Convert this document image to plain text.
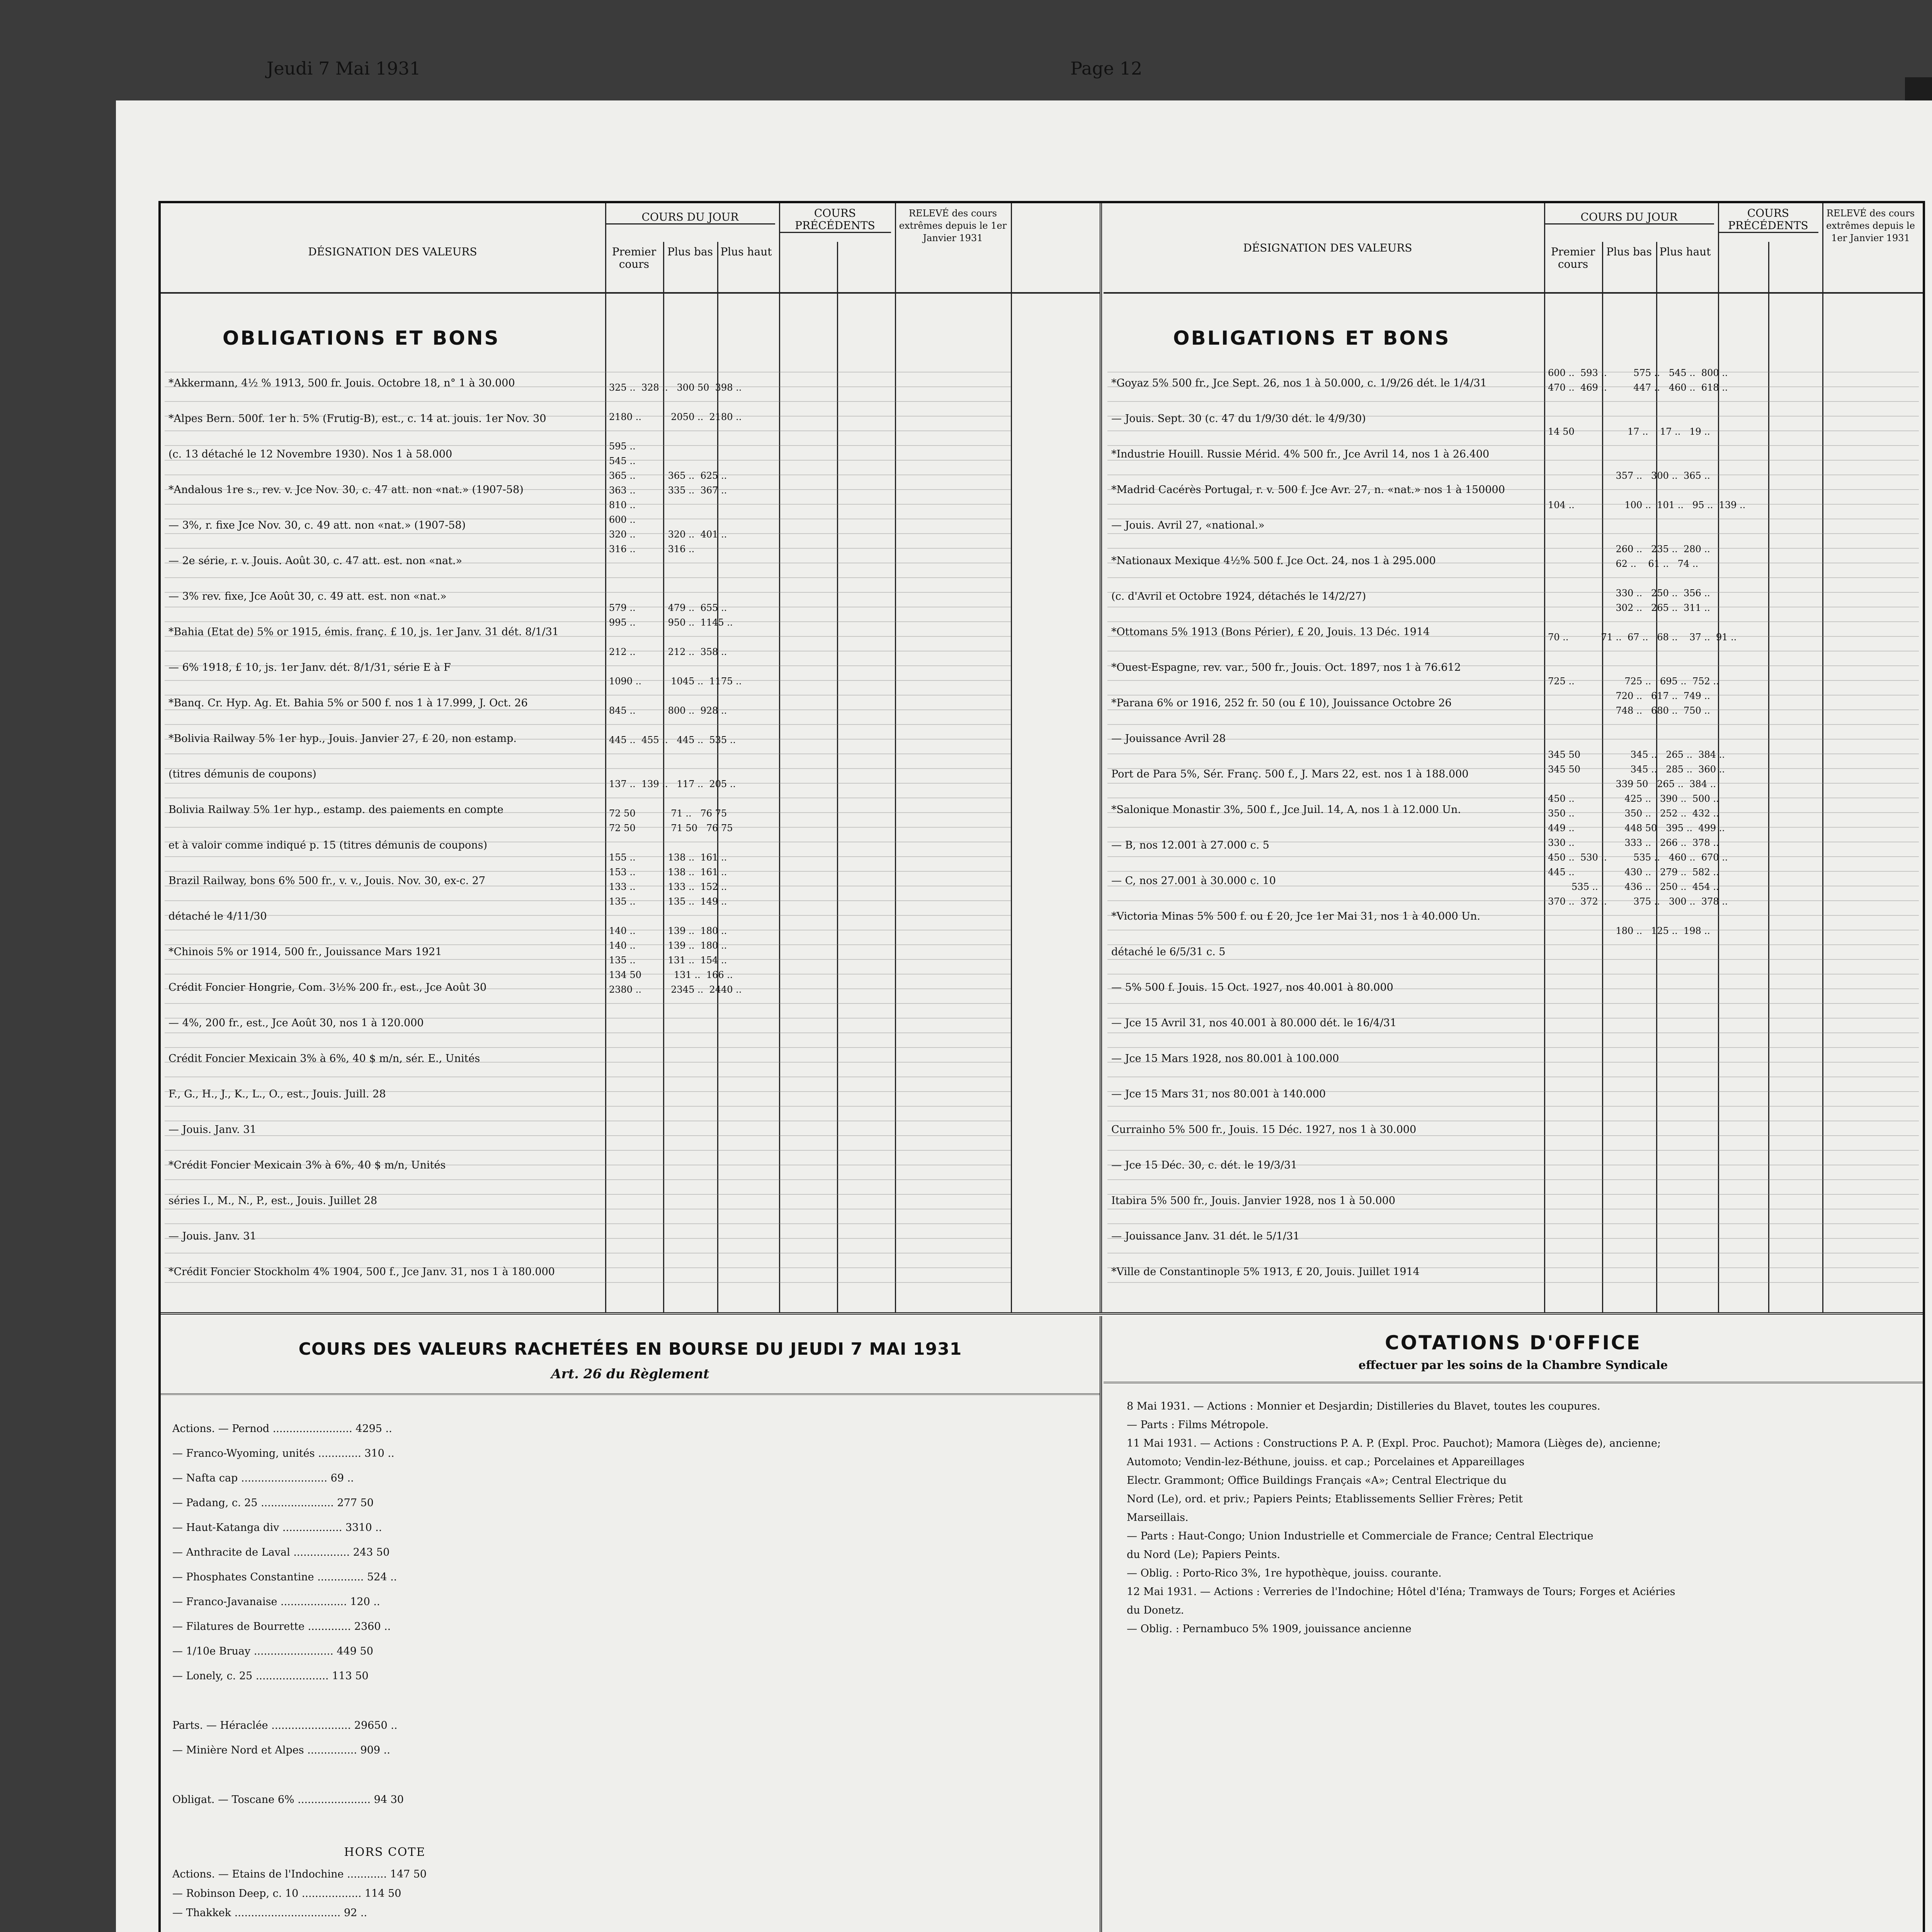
Jeudi 7 Mai 1931	Page 12
DÉSIGNATION DES VALEURS
COURS DU JOUR
Premier cours
Plus bas Plus haut
COURS PRÉCÉDENTS
RELEVÉ des cours extrêmes depuis le 1er Janvier 1931
OBLIGATIONS ET BONS
*Akkermann, 4½ % 1913, 500 fr. Jouis. Octobre 18, n° 1 à 30.000
*Alpes Bern. 500f. 1er h. 5% (Frutig-B), est., c. 14 at. jouis. 1er Nov. 30
(c. 13 détaché le 12 Novembre 1930). Nos 1 à 58.000
*Andalous 1re s., rev. v. Jce Nov. 30, c. 47 att. non «nat.» (1907-58)
— 3%, r. fixe Jce Nov. 30, c. 49 att. non «nat.» (1907-58)
— 2e série, r. v. Jouis. Août 30, c. 47 att. est. non «nat.»
— 3% rev. fixe, Jce Août 30, c. 49 att. est. non «nat.»
*Bahia (Etat de) 5% or 1915, émis. franç. £ 10, js. 1er Janv. 31 dét. 8/1/31
— 6% 1918, £ 10, js. 1er Janv. dét. 8/1/31, série E à F
*Banq. Cr. Hyp. Ag. Et. Bahia 5% or 500 f. nos 1 à 17.999, J. Oct. 26
*Bolivia Railway 5% 1er hyp., Jouis. Janvier 27, £ 20, non estamp.
(titres démunis de coupons)
Bolivia Railway 5% 1er hyp., estamp. des paiements en compte
et à valoir comme indiqué p. 15 (titres démunis de coupons)
Brazil Railway, bons 6% 500 fr., v. v., Jouis. Nov. 30, ex-c. 27
détaché le 4/11/30
*Chinois 5% or 1914, 500 fr., Jouissance Mars 1921
Crédit Foncier Hongrie, Com. 3½% 200 fr., est., Jce Août 30
— 4%, 200 fr., est., Jce Août 30, nos 1 à 120.000
Crédit Foncier Mexicain 3% à 6%, 40 $ m/n, sér. E., Unités
F., G., H., J., K., L., O., est., Jouis. Juill. 28
— Jouis. Janv. 31
*Crédit Foncier Mexicain 3% à 6%, 40 $ m/n, Unités
séries I., M., N., P., est., Jouis. Juillet 28
— Jouis. Janv. 31
*Crédit Foncier Stockholm 4% 1904, 500 f., Jce Janv. 31, nos 1 à 180.000

325 ..  328 ..   300 50  398 ..

2180 ..          2050 ..  2180 ..

595 ..
545 ..
365 ..           365 ..  625 ..
363 ..           335 ..  367 ..
810 ..
600 ..
320 ..           320 ..  401 ..
316 ..           316 ..

579 ..           479 ..  655 ..
995 ..           950 ..  1145 ..

212 ..           212 ..  358 ..

1090 ..          1045 ..  1175 ..

845 ..           800 ..  928 ..

445 ..  455 ..   445 ..  535 ..

137 ..  139 ..   117 ..  205 ..

72 50            71 ..   76 75
72 50            71 50   76 75

155 ..           138 ..  161 ..
153 ..           138 ..  161 ..
133 ..           133 ..  152 ..
135 ..           135 ..  149 ..

140 ..           139 ..  180 ..
140 ..           139 ..  180 ..
135 ..           131 ..  154 ..
134 50           131 ..  166 ..
2380 ..          2345 ..  2440 ..
DÉSIGNATION DES VALEURS
COURS DU JOUR
Premier cours
Plus bas Plus haut
COURS PRÉCÉDENTS
RELEVÉ des cours extrêmes depuis le 1er Janvier 1931
OBLIGATIONS ET BONS
*Goyaz 5% 500 fr., Jce Sept. 26, nos 1 à 50.000, c. 1/9/26 dét. le 1/4/31
— Jouis. Sept. 30 (c. 47 du 1/9/30 dét. le 4/9/30)
*Industrie Houill. Russie Mérid. 4% 500 fr., Jce Avril 14, nos 1 à 26.400
*Madrid Cacérès Portugal, r. v. 500 f. Jce Avr. 27, n. «nat.» nos 1 à 150000
— Jouis. Avril 27, «national.»
*Nationaux Mexique 4½% 500 f. Jce Oct. 24, nos 1 à 295.000
(c. d'Avril et Octobre 1924, détachés le 14/2/27)
*Ottomans 5% 1913 (Bons Périer), £ 20, Jouis. 13 Déc. 1914
*Ouest-Espagne, rev. var., 500 fr., Jouis. Oct. 1897, nos 1 à 76.612
*Parana 6% or 1916, 252 fr. 50 (ou £ 10), Jouissance Octobre 26
— Jouissance Avril 28
Port de Para 5%, Sér. Franç. 500 f., J. Mars 22, est. nos 1 à 188.000
*Salonique Monastir 3%, 500 f., Jce Juil. 14, A, nos 1 à 12.000 Un.
— B, nos 12.001 à 27.000 c. 5
— C, nos 27.001 à 30.000 c. 10
*Victoria Minas 5% 500 f. ou £ 20, Jce 1er Mai 31, nos 1 à 40.000 Un.
détaché le 6/5/31 c. 5
— 5% 500 f. Jouis. 15 Oct. 1927, nos 40.001 à 80.000
— Jce 15 Avril 31, nos 40.001 à 80.000 dét. le 16/4/31
— Jce 15 Mars 1928, nos 80.001 à 100.000
— Jce 15 Mars 31, nos 80.001 à 140.000
Currainho 5% 500 fr., Jouis. 15 Déc. 1927, nos 1 à 30.000
— Jce 15 Déc. 30, c. dét. le 19/3/31
Itabira 5% 500 fr., Jouis. Janvier 1928, nos 1 à 50.000
— Jouissance Janv. 31 dét. le 5/1/31
*Ville de Constantinople 5% 1913, £ 20, Jouis. Juillet 1914
600 ..  593 ..         575 ..   545 ..  800 ..
470 ..  469 ..         447 ..   460 ..  618 ..

14 50                  17 ..    17 ..   19 ..

357 ..   300 ..  365 ..

104 ..                 100 ..  101 ..   95 ..  139 ..

260 ..   235 ..  280 ..
62 ..    61 ..   74 ..

330 ..   250 ..  356 ..
302 ..   265 ..  311 ..

70 ..           71 ..  67 ..   68 ..    37 ..  91 ..

725 ..                 725 ..   695 ..  752 ..
720 ..   617 ..  749 ..
748 ..   680 ..  750 ..

345 50                 345 ..   265 ..  384 ..
345 50                 345 ..   285 ..  360 ..
339 50   265 ..  384 ..
450 ..                 425 ..   390 ..  500 ..
350 ..                 350 ..   252 ..  432 ..
449 ..                 448 50   395 ..  499 ..
330 ..                 333 ..   266 ..  378 ..
450 ..  530 ..         535 ..   460 ..  670 ..
445 ..                 430 ..   279 ..  582 ..
535 ..         436 ..   250 ..  454 ..
370 ..  372 ..         375 ..   300 ..  378 ..

180 ..   125 ..  198 ..
COURS DES VALEURS RACHETÉES EN BOURSE DU JEUDI 7 MAI 1931
Art. 26 du Règlement
Actions. — Pernod ........................ 4295 ..
— Franco-Wyoming, unités ............. 310 ..
— Nafta cap .......................... 69 ..
— Padang, c. 25 ...................... 277 50
— Haut-Katanga div .................. 3310 ..
— Anthracite de Laval ................. 243 50
— Phosphates Constantine .............. 524 ..
— Franco-Javanaise .................... 120 ..
— Filatures de Bourrette ............. 2360 ..
— 1/10e Bruay ........................ 449 50
— Lonely, c. 25 ...................... 113 50
Parts. — Héraclée ........................ 29650 ..
— Minière Nord et Alpes ............... 909 ..
Obligat. — Toscane 6% ...................... 94 30
HORS COTE
Actions. — Etains de l'Indochine ............ 147 50
— Robinson Deep, c. 10 .................. 114 50
— Thakkek ................................ 92 ..
COTATIONS D'OFFICE
effectuer par les soins de la Chambre Syndicale
8 Mai 1931. — Actions : Monnier et Desjardin; Distilleries du Blavet, toutes les coupures.
— Parts : Films Métropole.
11 Mai 1931. — Actions : Constructions P. A. P. (Expl. Proc. Pauchot); Mamora (Lièges de), ancienne;
Automoto; Vendin-lez-Béthune, jouiss. et cap.; Porcelaines et Appareillages
Electr. Grammont; Office Buildings Français «A»; Central Electrique du
Nord (Le), ord. et priv.; Papiers Peints; Etablissements Sellier Frères; Petit
Marseillais.
— Parts : Haut-Congo; Union Industrielle et Commerciale de France; Central Electrique
du Nord (Le); Papiers Peints.
— Oblig. : Porto-Rico 3%, 1re hypothèque, jouiss. courante.
12 Mai 1931. — Actions : Verreries de l'Indochine; Hôtel d'Iéna; Tramways de Tours; Forges et Aciéries
du Donetz.
— Oblig. : Pernambuco 5% 1909, jouissance ancienne
